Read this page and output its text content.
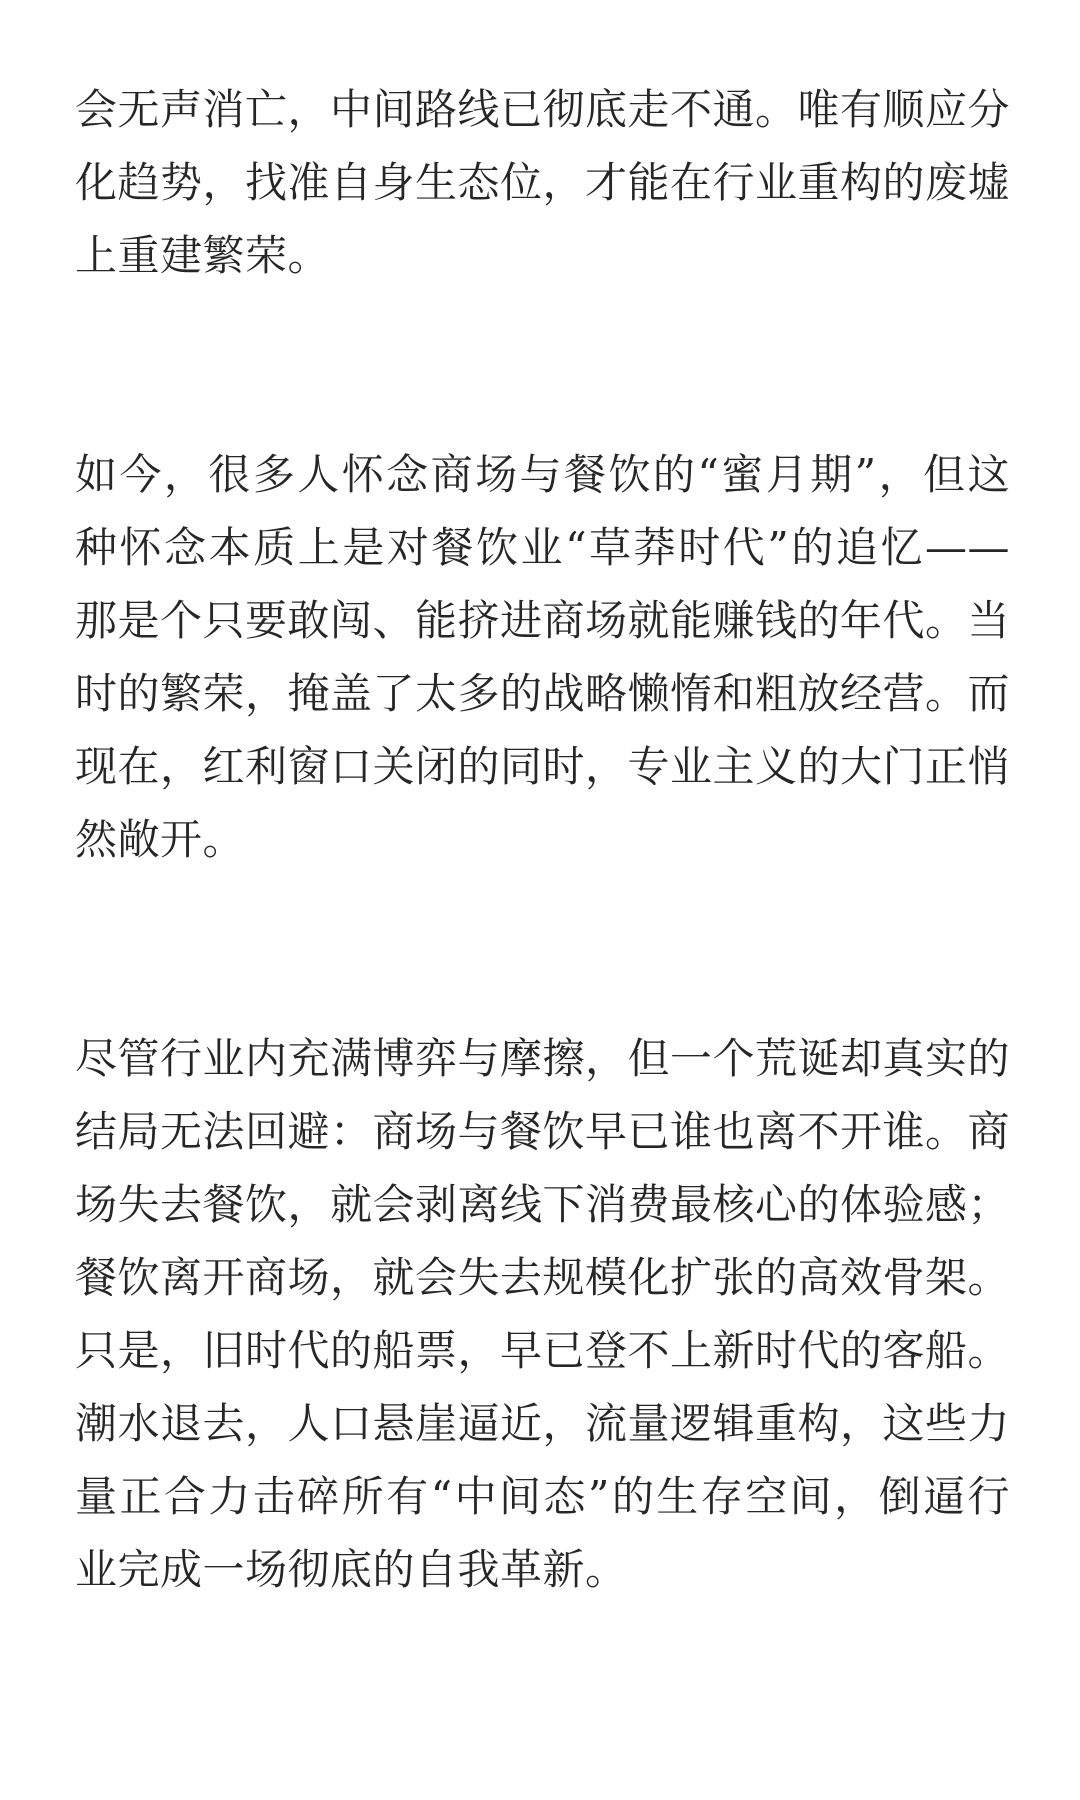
会无声消亡，中间路线已彻底走不通。唯有顺应分化趋势，找准自身生态位，才能在行业重构的废墟上重建繁荣。

如今，很多人怀念商场与餐饮的“蜜月期”，但这种怀念本质上是对餐饮业“草莽时代”的追忆——那是个只要敢闯、能挤进商场就能赚钱的年代。当时的繁荣，掩盖了太多的战略懒惰和粗放经营。而现在，红利窗口关闭的同时，专业主义的大门正悄然敞开。

尽管行业内充满博弈与摩擦，但一个荒诞却真实的结局无法回避：商场与餐饮早已谁也离不开谁。商场失去餐饮，就会剥离线下消费最核心的体验感；餐饮离开商场，就会失去规模化扩张的高效骨架。只是，旧时代的船票，早已登不上新时代的客船。潮水退去，人口悬崖逼近，流量逻辑重构，这些力量正合力击碎所有“中间态”的生存空间，倒逼行业完成一场彻底的自我革新。
